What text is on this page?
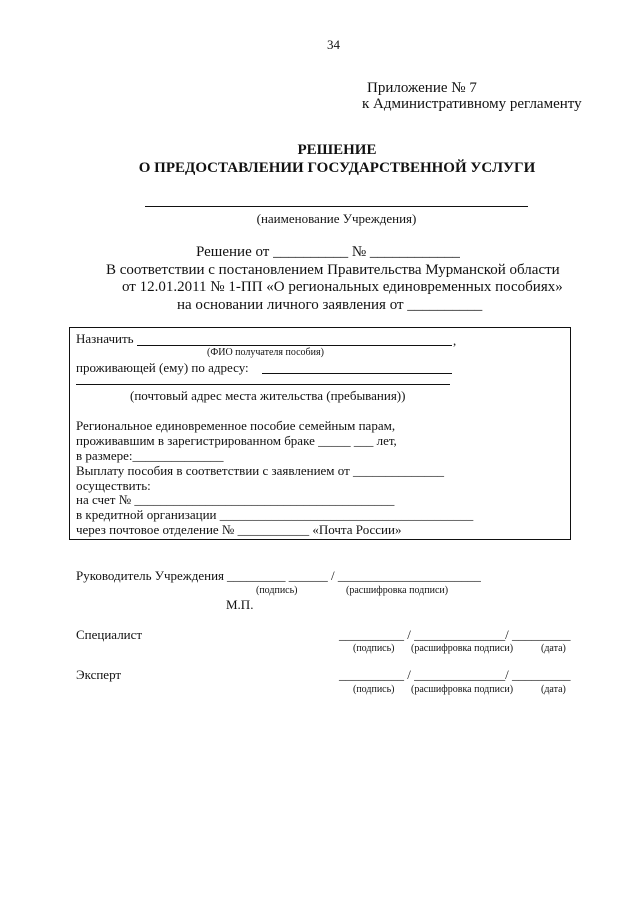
34
Приложение № 7
к Административному регламенту
РЕШЕНИЕ
О ПРЕДОСТАВЛЕНИИ ГОСУДАРСТВЕННОЙ УСЛУГИ
(наименование Учреждения)
Решение от __________ № ____________
В соответствии с постановлением Правительства Мурманской области
от 12.01.2011 № 1-ПП «О региональных единовременных пособиях»
на основании личного заявления от __________
Назначить	,
(ФИО получателя пособия)
проживающей (ему) по адресу:
(почтовый адрес места жительства (пребывания))
Региональное единовременное пособие семейным парам,
проживавшим в зарегистрированном браке _____ ___ лет,
в размере:______________
Выплату пособия в соответствии с заявлением от ______________
осуществить:
на счет № ________________________________________
в кредитной организации _______________________________________
через почтовое отделение № ___________ «Почта России»
Руководитель Учреждения _________ ______ / ______________________
(подпись)	(расшифровка подписи)
М.П.
Специалист	__________ / ______________/ _________
(подпись) (расшифровка подписи)	(дата)
Эксперт	__________ / ______________/ _________
(подпись) (расшифровка подписи)	(дата)
